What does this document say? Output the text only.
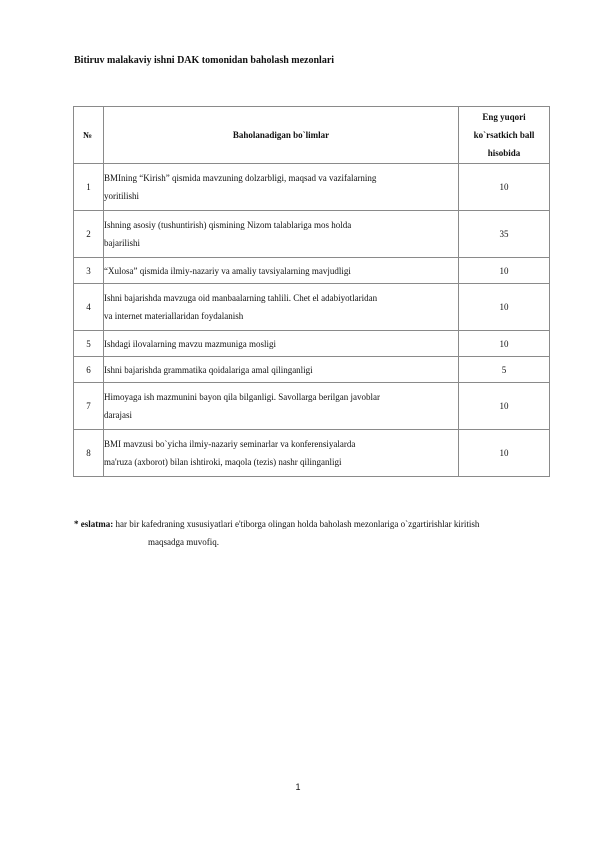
Bitiruv malakaviy ishni DAK tomonidan baholash mezonlari

№	Baholanadigan bo`limlar	Eng yuqori
ko`rsatkich ball
hisobida
1	BMIning “Kirish” qismida mavzuning dolzarbligi, maqsad va vazifalarning
yoritilishi	10
2	Ishning asosiy (tushuntirish) qismining Nizom talablariga mos holda
bajarilishi	35
3	“Xulosa” qismida ilmiy-nazariy va amaliy tavsiyalarning mavjudligi	10
4	Ishni bajarishda mavzuga oid manbaalarning tahlili. Chet el adabiyotlaridan
va internet materiallaridan foydalanish	10
5	Ishdagi ilovalarning mavzu mazmuniga mosligi	10
6	Ishni bajarishda grammatika qoidalariga amal qilinganligi	5
7	Himoyaga ish mazmunini bayon qila bilganligi. Savollarga berilgan javoblar
darajasi	10
8	BMI mavzusi bo`yicha ilmiy-nazariy seminarlar va konferensiyalarda
ma'ruza (axborot) bilan ishtiroki, maqola (tezis) nashr qilinganligi	10

* eslatma: har bir kafedraning xususiyatlari e'tiborga olingan holda baholash mezonlariga o`zgartirishlar kiritish
maqsadga muvofiq.

1
